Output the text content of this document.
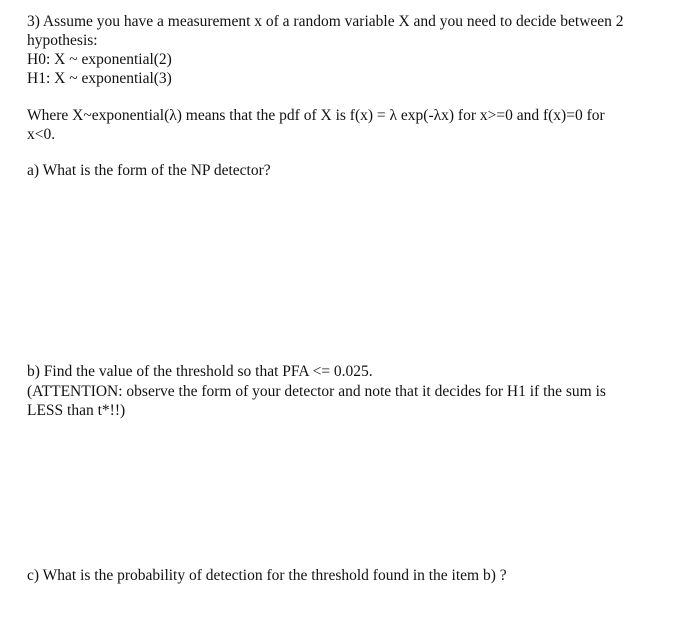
3) Assume you have a measurement x of a random variable X and you need to decide between 2
hypothesis:
H0: X ~ exponential(2)
H1: X ~ exponential(3)
Where X~exponential(λ) means that the pdf of X is f(x) = λ exp(-λx) for x>=0 and f(x)=0 for
x<0.
a) What is the form of the NP detector?
b) Find the value of the threshold so that PFA <= 0.025.
(ATTENTION: observe the form of your detector and note that it decides for H1 if the sum is
LESS than t*!!)
c) What is the probability of detection for the threshold found in the item b) ?
